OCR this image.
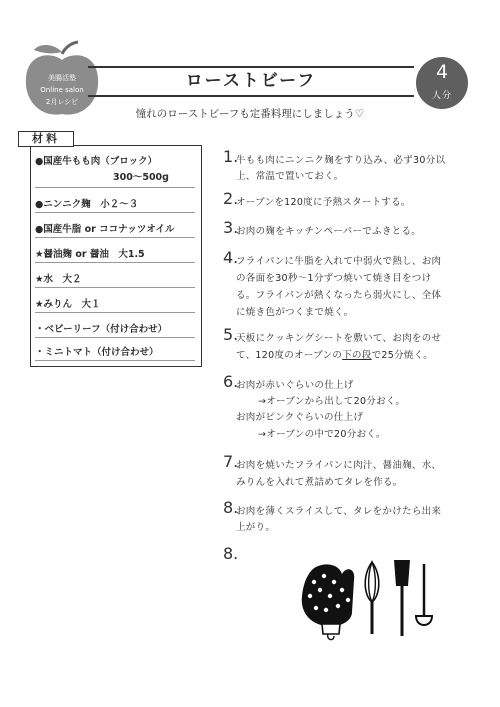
美腸活塾
Online salon
2月レシピ
ローストビーフ	4
人分
憧れのローストビーフも定番料理にしましょう♡
材料
●国産牛もも肉（ブロック）
300〜500g
●ニンニク麹　小２〜３
●国産牛脂 or ココナッツオイル
★醤油麹 or 醤油　大1.5
★水　大２
★みりん　大１
・ベビーリーフ（付け合わせ）
・ミニトマト（付け合わせ）
1.
牛もも肉にニンニク麹をすり込み、必ず30分以
上、常温で置いておく。
2.
オーブンを120度に予熱スタートする。
3.
お肉の麹をキッチンペーパーでふきとる。
4.
フライパンに牛脂を入れて中弱火で熱し、お肉
の各面を30秒〜1分ずつ焼いて焼き目をつけ
る。フライパンが熱くなったら弱火にし、全体
に焼き色がつくまで焼く。
5.
天板にクッキングシートを敷いて、お肉をのせ
て、120度のオーブンの下の段で25分焼く。
6.
お肉が赤いぐらいの仕上げ
→オーブンから出して20分おく。
お肉がピンクぐらいの仕上げ
→オーブンの中で20分おく。
7.
お肉を焼いたフライパンに肉汁、醤油麹、水、
みりんを入れて煮詰めてタレを作る。
8.
お肉を薄くスライスして、タレをかけたら出来
上がり。
8.
